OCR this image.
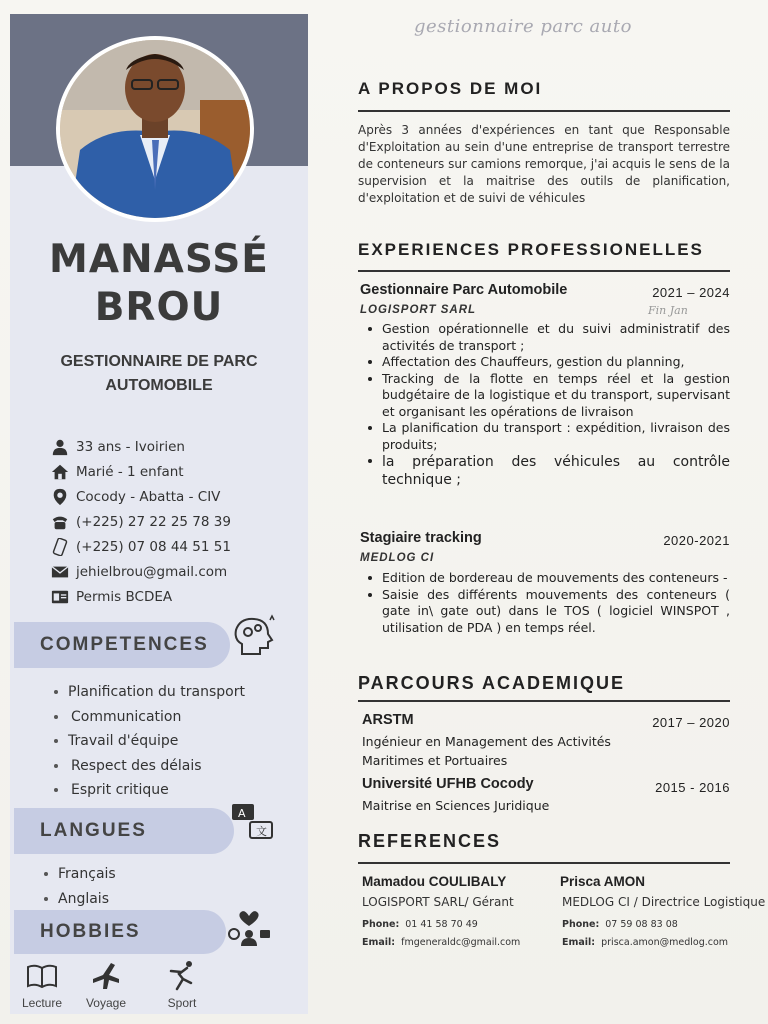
MANASSÉ
BROU
GESTIONNAIRE DE PARC
AUTOMOBILE
33 ans - Ivoirien
Marié - 1 enfant
Cocody - Abatta - CIV
(+225) 27 22 25 78 39
(+225) 07 08 44 51 51
jehielbrou@gmail.com
Permis BCDEA
COMPETENCES
Planification du transport
Communication
Travail d'équipe
Respect des délais
Esprit critique
LANGUES
A
文
Français
Anglais
HOBBIES
Lecture	Voyage	Sport
gestionnaire parc auto
A PROPOS DE MOI
Après 3 années d'expériences en tant que Responsable d'Exploitation au sein d'une entreprise de transport terrestre de conteneurs sur camions remorque, j'ai acquis le sens de la supervision et la maitrise des outils de planification, d'exploitation et de suivi de véhicules
EXPERIENCES PROFESSIONELLES
Gestionnaire Parc Automobile	2021 – 2024
Fin Jan
LOGISPORT SARL
Gestion opérationnelle et du suivi administratif des activités de transport ;
Affectation des Chauffeurs, gestion du planning,
Tracking de la flotte en temps réel et la gestion budgétaire de la logistique et du transport, supervisant et organisant les opérations de livraison
La planification du transport : expédition, livraison des produits;
la préparation des véhicules au contrôle technique ;
Stagiaire tracking	2020-2021
MEDLOG CI
Edition de bordereau de mouvements des conteneurs -
Saisie des différents mouvements des conteneurs ( gate in\ gate out) dans le TOS ( logiciel WINSPOT , utilisation de PDA ) en temps réel.
PARCOURS ACADEMIQUE
ARSTM	2017 – 2020
Ingénieur en Management des Activités
Maritimes et Portuaires
Université UFHB Cocody	2015 - 2016
Maitrise en Sciences Juridique
REFERENCES
Mamadou COULIBALY
LOGISPORT SARL/ Gérant
Phone: 01 41 58 70 49
Email: fmgeneraldc@gmail.com
Prisca AMON
MEDLOG CI / Directrice Logistique
Phone: 07 59 08 83 08
Email: prisca.amon@medlog.com
